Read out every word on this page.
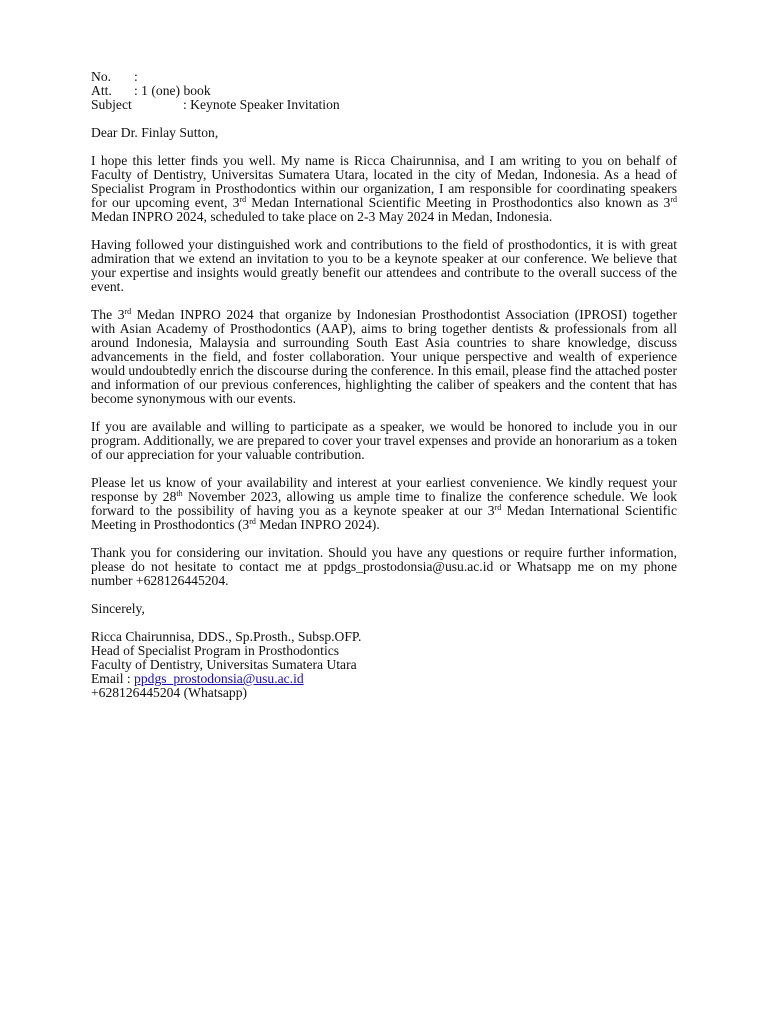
No. :
Att. : 1 (one) book
Subject	: Keynote Speaker Invitation
Dear Dr. Finlay Sutton,

I hope this letter finds you well. My name is Ricca Chairunnisa, and I am writing to you on behalf of Faculty of Dentistry, Universitas Sumatera Utara, located in the city of Medan, Indonesia. As a head of Specialist Program in Prosthodontics within our organization, I am responsible for coordinating speakers for our upcoming event, 3rd Medan International Scientific Meeting in Prosthodontics also known as 3rd Medan INPRO 2024, scheduled to take place on 2-3 May 2024 in Medan, Indonesia.

Having followed your distinguished work and contributions to the field of prosthodontics, it is with great admiration that we extend an invitation to you to be a keynote speaker at our conference. We believe that your expertise and insights would greatly benefit our attendees and contribute to the overall success of the event.

The 3rd Medan INPRO 2024 that organize by Indonesian Prosthodontist Association (IPROSI) together with Asian Academy of Prosthodontics (AAP), aims to bring together dentists & professionals from all around Indonesia, Malaysia and surrounding South East Asia countries to share knowledge, discuss advancements in the field, and foster collaboration. Your unique perspective and wealth of experience would undoubtedly enrich the discourse during the conference. In this email, please find the attached poster and information of our previous conferences, highlighting the caliber of speakers and the content that has become synonymous with our events.

If you are available and willing to participate as a speaker, we would be honored to include you in our program. Additionally, we are prepared to cover your travel expenses and provide an honorarium as a token of our appreciation for your valuable contribution.

Please let us know of your availability and interest at your earliest convenience. We kindly request your response by 28th November 2023, allowing us ample time to finalize the conference schedule. We look forward to the possibility of having you as a keynote speaker at our 3rd Medan International Scientific Meeting in Prosthodontics (3rd Medan INPRO 2024).

Thank you for considering our invitation. Should you have any questions or require further information, please do not hesitate to contact me at ppdgs_prostodonsia@usu.ac.id or Whatsapp me on my phone number +628126445204.

Sincerely,
Ricca Chairunnisa, DDS., Sp.Prosth., Subsp.OFP.
Head of Specialist Program in Prosthodontics
Faculty of Dentistry, Universitas Sumatera Utara
Email : ppdgs_prostodonsia@usu.ac.id
+628126445204 (Whatsapp)
